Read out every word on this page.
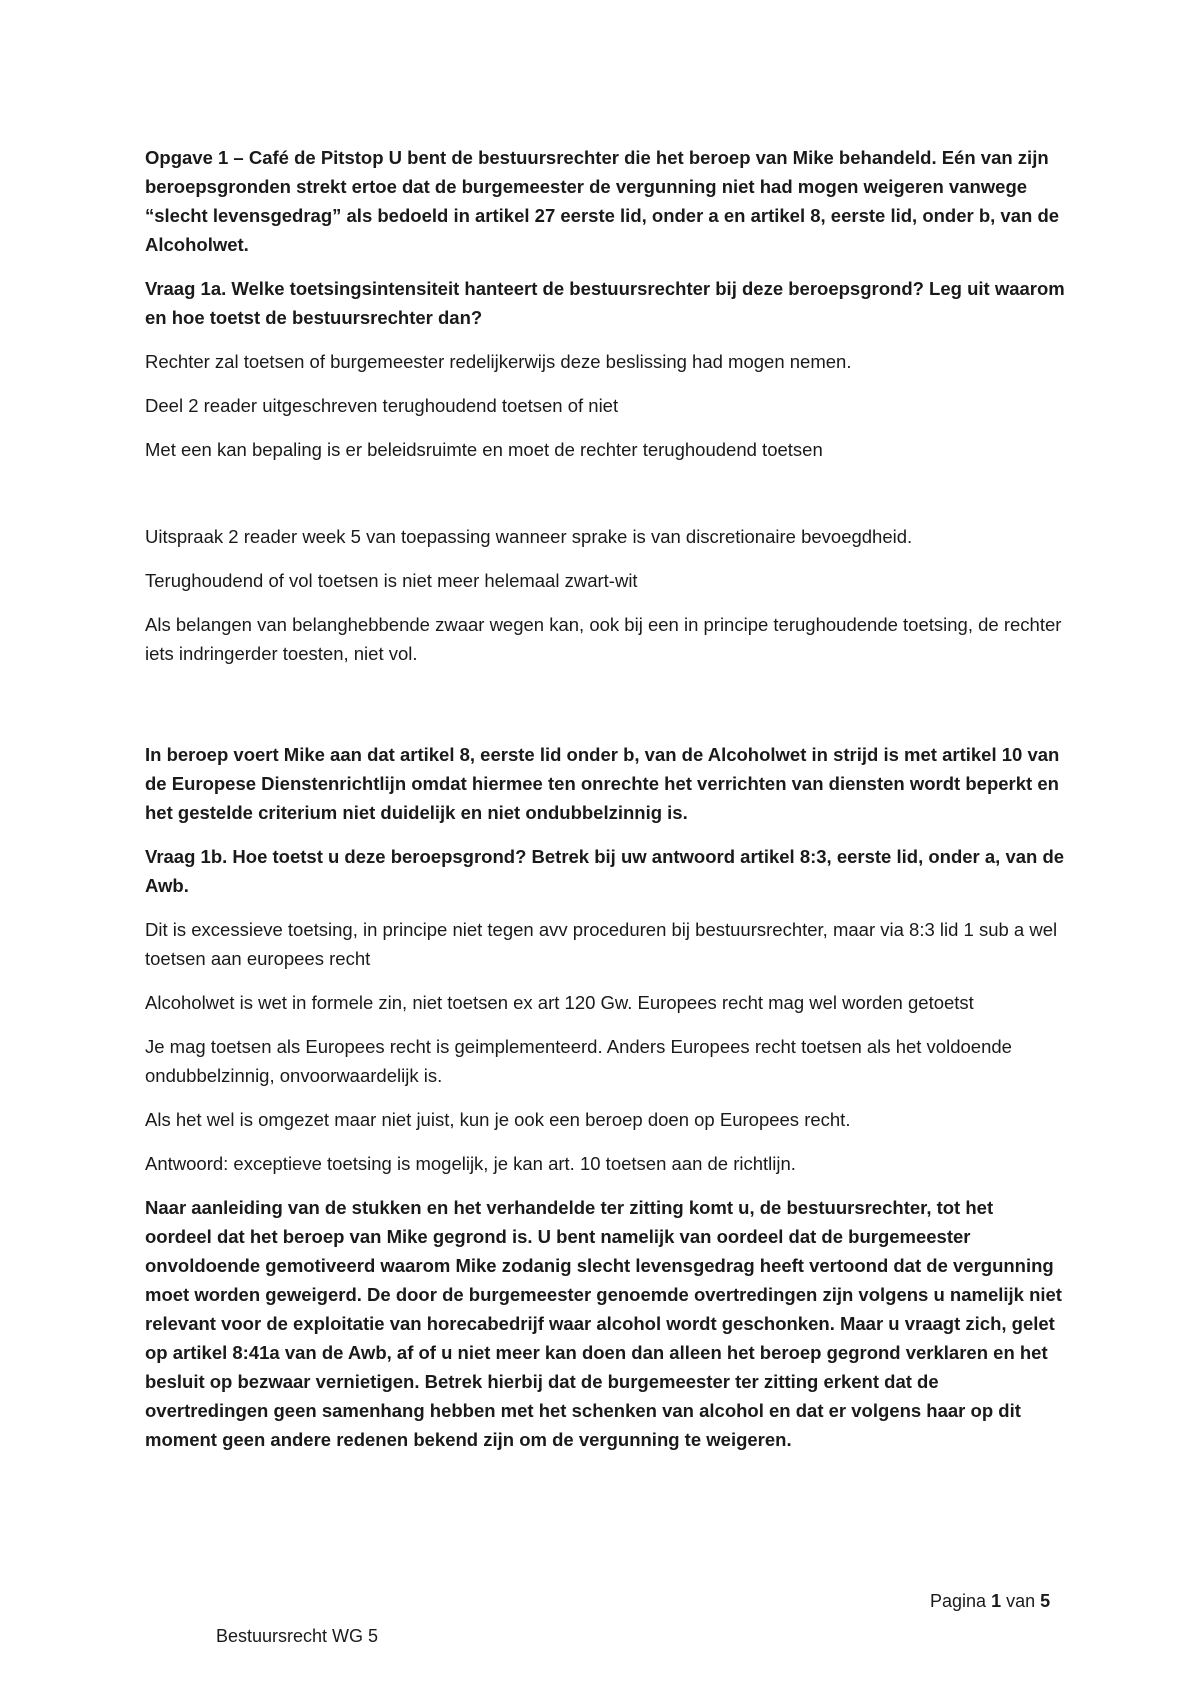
Opgave 1 – Café de Pitstop U bent de bestuursrechter die het beroep van Mike behandeld. Eén van zijn beroepsgronden strekt ertoe dat de burgemeester de vergunning niet had mogen weigeren vanwege “slecht levensgedrag” als bedoeld in artikel 27 eerste lid, onder a en artikel 8, eerste lid, onder b, van de Alcoholwet.

Vraag 1a. Welke toetsingsintensiteit hanteert de bestuursrechter bij deze beroepsgrond? Leg uit waarom en hoe toetst de bestuursrechter dan?

Rechter zal toetsen of burgemeester redelijkerwijs deze beslissing had mogen nemen.

Deel 2 reader uitgeschreven terughoudend toetsen of niet

Met een kan bepaling is er beleidsruimte en moet de rechter terughoudend toetsen

Uitspraak 2 reader week 5 van toepassing wanneer sprake is van discretionaire bevoegdheid.

Terughoudend of vol toetsen is niet meer helemaal zwart-wit

Als belangen van belanghebbende zwaar wegen kan, ook bij een in principe terughoudende toetsing, de rechter iets indringerder toesten, niet vol.

In beroep voert Mike aan dat artikel 8, eerste lid onder b, van de Alcoholwet in strijd is met artikel 10 van de Europese Dienstenrichtlijn omdat hiermee ten onrechte het verrichten van diensten wordt beperkt en het gestelde criterium niet duidelijk en niet ondubbelzinnig is.

Vraag 1b. Hoe toetst u deze beroepsgrond? Betrek bij uw antwoord artikel 8:3, eerste lid, onder a, van de Awb.

Dit is excessieve toetsing, in principe niet tegen avv proceduren bij bestuursrechter, maar via 8:3 lid 1 sub a wel toetsen aan europees recht

Alcoholwet is wet in formele zin, niet toetsen ex art 120 Gw. Europees recht mag wel worden getoetst

Je mag toetsen als Europees recht is geimplementeerd. Anders Europees recht toetsen als het voldoende ondubbelzinnig, onvoorwaardelijk is.

Als het wel is omgezet maar niet juist, kun je ook een beroep doen op Europees recht.

Antwoord: exceptieve toetsing is mogelijk, je kan art. 10 toetsen aan de richtlijn.

Naar aanleiding van de stukken en het verhandelde ter zitting komt u, de bestuursrechter, tot het oordeel dat het beroep van Mike gegrond is. U bent namelijk van oordeel dat de burgemeester onvoldoende gemotiveerd waarom Mike zodanig slecht levensgedrag heeft vertoond dat de vergunning moet worden geweigerd. De door de burgemeester genoemde overtredingen zijn volgens u namelijk niet relevant voor de exploitatie van horecabedrijf waar alcohol wordt geschonken. Maar u vraagt zich, gelet op artikel 8:41a van de Awb, af of u niet meer kan doen dan alleen het beroep gegrond verklaren en het besluit op bezwaar vernietigen. Betrek hierbij dat de burgemeester ter zitting erkent dat de overtredingen geen samenhang hebben met het schenken van alcohol en dat er volgens haar op dit moment geen andere redenen bekend zijn om de vergunning te weigeren.

Pagina 1 van 5
Bestuursrecht WG 5
